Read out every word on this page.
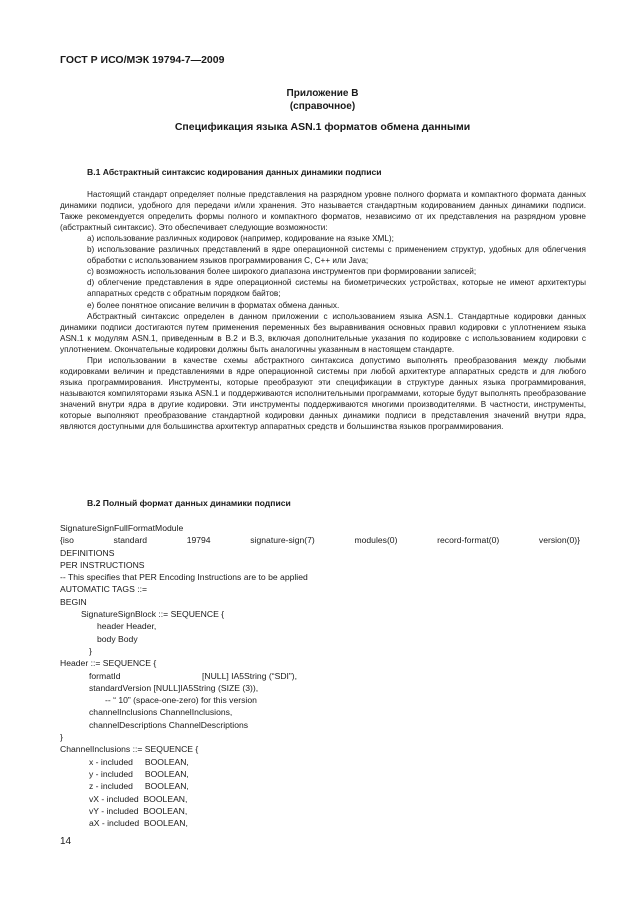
ГОСТ Р ИСО/МЭК 19794-7—2009
Приложение В
(справочное)
Спецификация языка ASN.1 форматов обмена данными
В.1 Абстрактный синтаксис кодирования данных динамики подписи

Настоящий стандарт определяет полные представления на разрядном уровне полного формата и компактного формата данных динамики подписи, удобного для передачи и/или хранения. Это называется стандартным кодированием данных динамики подписи. Также рекомендуется определить формы полного и компактного форматов, независимо от их представления на разрядном уровне (абстрактный синтаксис). Это обеспечивает следующие возможности:

а) использование различных кодировок (например, кодирование на языке XML);

b) использование различных представлений в ядре операционной системы с применением структур, удобных для облегчения обработки с использованием языков программирования С, С++ или Java;

с) возможность использования более широкого диапазона инструментов при формировании записей;

d) облегчение представления в ядре операционной системы на биометрических устройствах, которые не имеют архитектуры аппаратных средств с обратным порядком байтов;

е) более понятное описание величин в форматах обмена данных.

Абстрактный синтаксис определен в данном приложении с использованием языка ASN.1. Стандартные кодировки данных динамики подписи достигаются путем применения переменных без выравнивания основных правил кодировки с уплотнением языка ASN.1 к модулям ASN.1, приведенным в В.2 и В.3, включая дополнительные указания по кодировке с использованием кодировки с уплотнением. Окончательные кодировки должны быть аналогичны указанным в настоящем стандарте.

При использовании в качестве схемы абстрактного синтаксиса допустимо выполнять преобразования между любыми кодировками величин и представлениями в ядре операционной системы при любой архитектуре аппаратных средств и для любого языка программирования. Инструменты, которые преобразуют эти спецификации в структуре данных языка программирования, называются компиляторами языка ASN.1 и поддерживаются исполнительными программами, которые будут выполнять преобразование значений внутри ядра в другие кодировки. Эти инструменты поддерживаются многими производителями. В частности, инструменты, которые выполняют преобразование стандартной кодировки данных динамики подписи в представления значений внутри ядра, являются доступными для большинства архитектур аппаратных средств и большинства языков программирования.

В.2 Полный формат данных динамики подписи
SignatureSignFullFormatModule
{iso standard 19794 signature-sign(7) modules(0) record-format(0) version(0)}
DEFINITIONS
PER INSTRUCTIONS
-- This specifies that PER Encoding Instructions are to be applied
AUTOMATIC TAGS ::=
BEGIN
SignatureSignBlock ::= SEQUENCE {
header Header,
body Body
}
Header ::= SEQUENCE {
formatId	[NULL] IA5String (“SDI”),
standardVersion [NULL]IA5String (SIZE (3)),
-- “ 10” (space-one-zero) for this version
channelInclusions ChannelInclusions,
channelDescriptions ChannelDescriptions
}
ChannelInclusions ::= SEQUENCE {
x - included     BOOLEAN,
y - included     BOOLEAN,
z - included     BOOLEAN,
vX - included  BOOLEAN,
vY - included  BOOLEAN,
aX - included  BOOLEAN,
14
